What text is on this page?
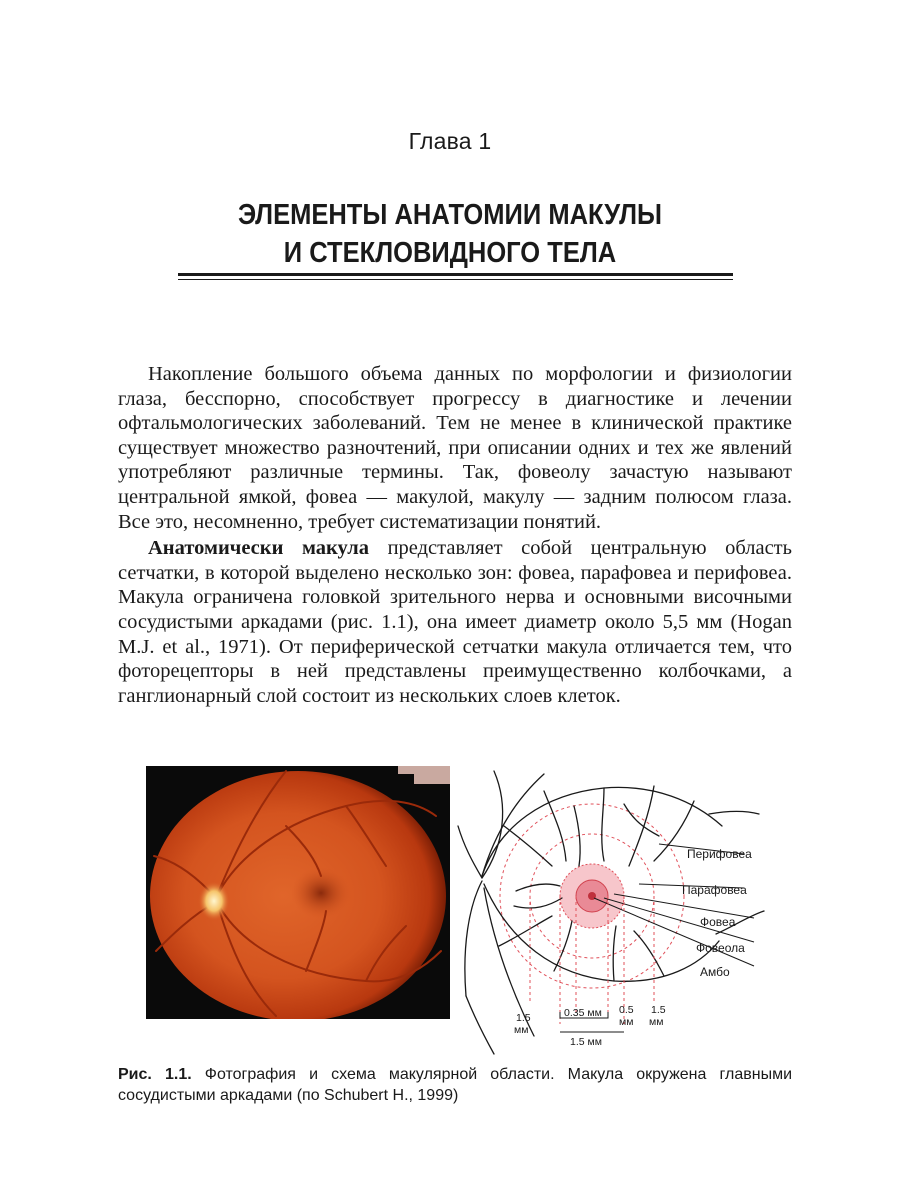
Глава 1
ЭЛЕМЕНТЫ АНАТОМИИ МАКУЛЫ
И СТЕКЛОВИДНОГО ТЕЛА

Накопление большого объема данных по морфологии и физиологии глаза, бесспорно, способствует прогрессу в диагностике и лечении офтальмологических заболеваний. Тем не менее в клинической практике существует множество разночтений, при описании одних и тех же явлений употребляют различные термины. Так, фовеолу зачастую называют центральной ямкой, фовеа — макулой, макулу — задним полюсом глаза. Все это, несомненно, требует систематизации понятий.

Анатомически макула представляет собой центральную область сетчатки, в которой выделено несколько зон: фовеа, парафовеа и перифовеа. Макула ограничена головкой зрительного нерва и основными височными сосудистыми аркадами (рис. 1.1), она имеет диаметр около 5,5 мм (Hogan M.J. et al., 1971). От периферической сетчатки макула отличается тем, что фоторецепторы в ней представлены преимущественно колбочками, а ганглионарный слой состоит из нескольких слоев клеток.

Перифовеа
Парафовеа
Фовеа
Фовеола
Амбо
0.35 мм 0.5
мм
1.5
мм
1.5
мм
1.5 мм
Рис. 1.1. Фотография и схема макулярной области. Макула окружена главными сосудистыми аркадами (по Schubert H., 1999)
